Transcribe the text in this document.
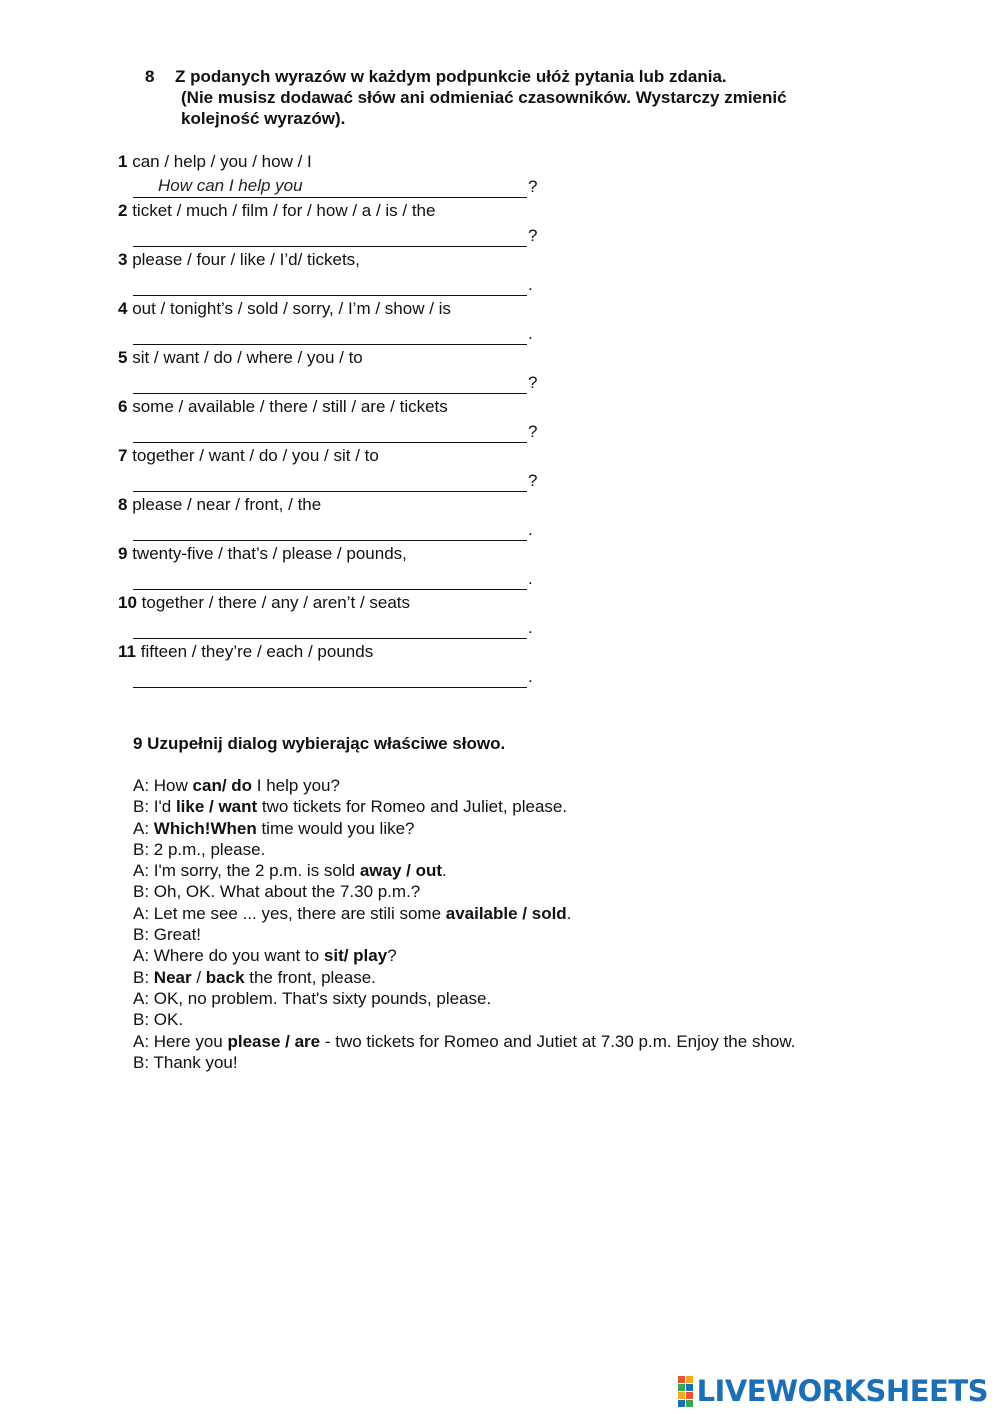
8 Z podanych wyrazów w każdym podpunkcie ułóż pytania lub zdania.
(Nie musisz dodawać słów ani odmieniać czasowników. Wystarczy zmienić
kolejność wyrazów).
1 can / help / you / how / I
How can I help you
?
2 ticket / much / film / for / how / a / is / the
?
3 please / four / like / I’d/ tickets,
.
4 out / tonight’s / sold / sorry, / I’m / show / is
.
5 sit / want / do / where / you / to
?
6 some / available / there / still / are / tickets
?
7 together / want / do / you / sit / to
?
8 please / near / front, / the
.
9 twenty-five / that’s / please / pounds,
.
10 together / there / any / aren’t / seats
.
11 fifteen / they’re / each / pounds
.
9 Uzupełnij dialog wybierając właściwe słowo.
A: How can/ do I help you?
B: I'd like / want two tickets for Romeo and Juliet, please.
A: Which!When time would you like?
B: 2 p.m., please.
A: I'm sorry, the 2 p.m. is sold away / out.
B: Oh, OK. What about the 7.30 p.m.?
A: Let me see ... yes, there are stili some available / sold.
B: Great!
A: Where do you want to sit/ play?
B: Near / back the front, please.
A: OK, no problem. That's sixty pounds, please.
B: OK.
A: Here you please / are - two tickets for Romeo and Jutiet at 7.30 p.m. Enjoy the show.
B: Thank you!
LIVEWORKSHEETS
